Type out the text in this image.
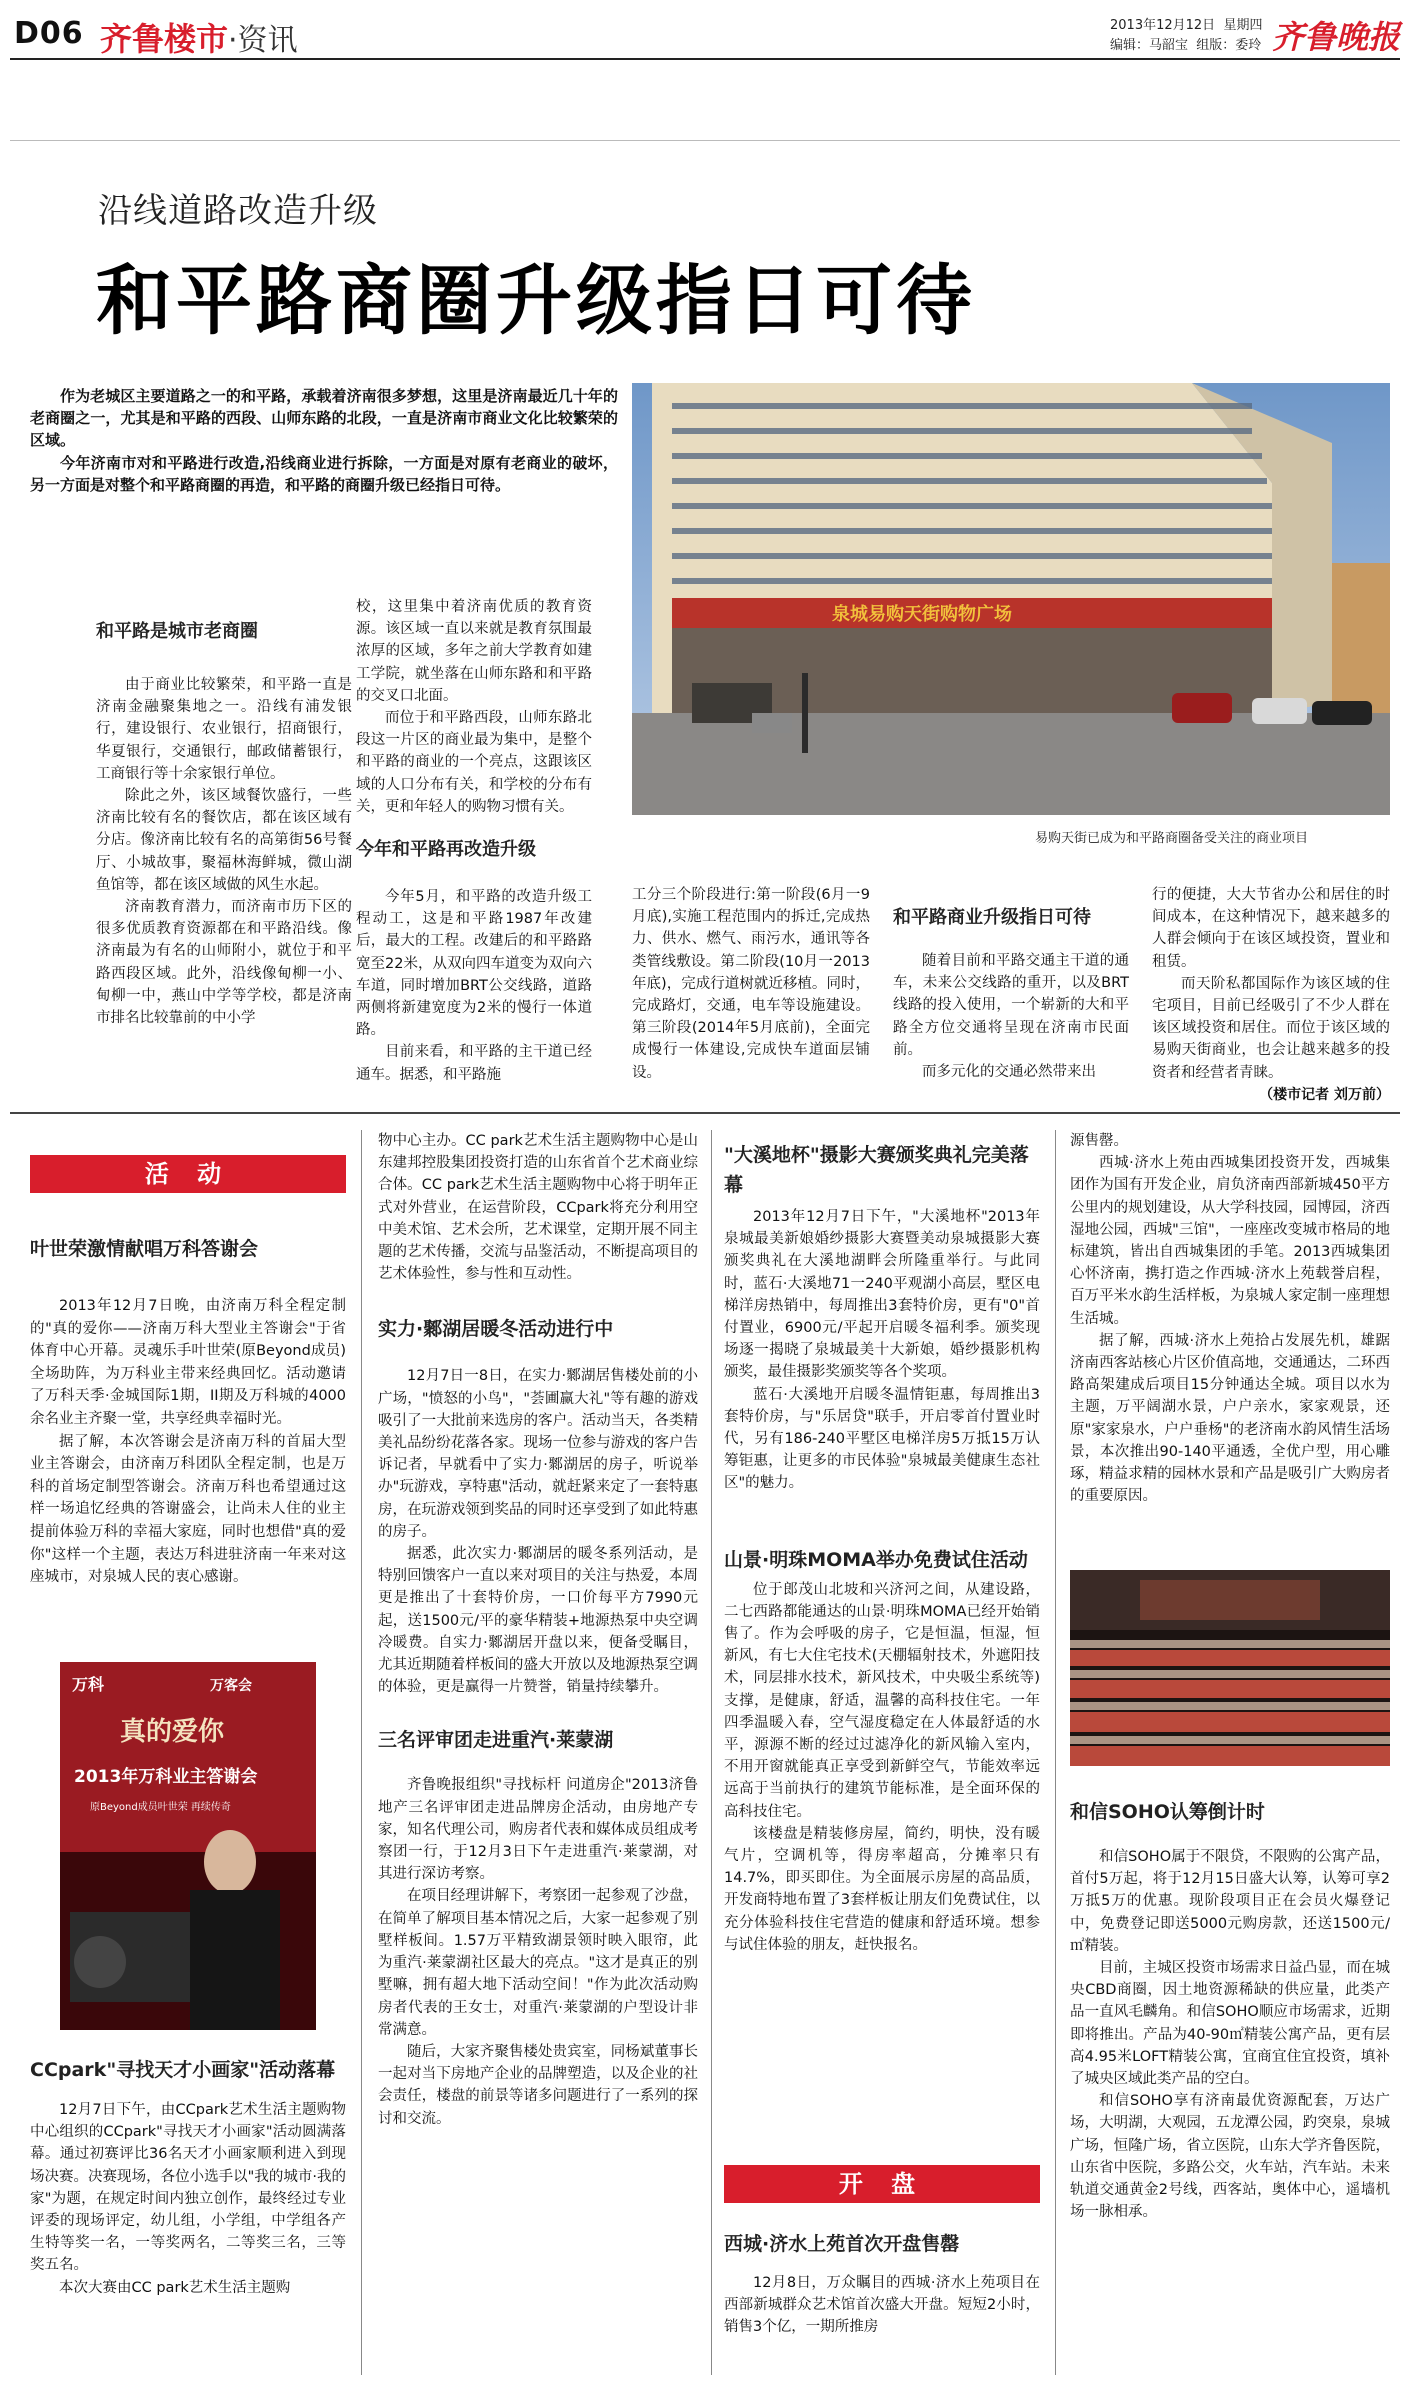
D06 齐鲁楼市·资讯	2013年12月12日 星期四
编辑：马韶宝 组版：委玲 齐鲁晚报
沿线道路改造升级
和平路商圈升级指日可待

作为老城区主要道路之一的和平路，承载着济南很多梦想，这里是济南最近几十年的老商圈之一，尤其是和平路的西段、山师东路的北段，一直是济南市商业文化比较繁荣的区域。

今年济南市对和平路进行改造,沿线商业进行拆除，一方面是对原有老商业的破坏，另一方面是对整个和平路商圈的再造，和平路的商圈升级已经指日可待。

泉城易购天街购物广场
易购天街已成为和平路商圈备受关注的商业项目
和平路是城市老商圈

由于商业比较繁荣，和平路一直是济南金融聚集地之一。沿线有浦发银行，建设银行、农业银行，招商银行，华夏银行，交通银行，邮政储蓄银行，工商银行等十余家银行单位。

除此之外，该区域餐饮盛行，一些济南比较有名的餐饮店，都在该区域有分店。像济南比较有名的高第街56号餐厅、小城故事，聚福林海鲜城，微山湖鱼馆等，都在该区域做的风生水起。

济南教育潜力，而济南市历下区的很多优质教育资源都在和平路沿线。像济南最为有名的山师附小，就位于和平路西段区域。此外，沿线像甸柳一小、甸柳一中，燕山中学等学校，都是济南市排名比较靠前的中小学

校，这里集中着济南优质的教育资源。该区域一直以来就是教育氛围最浓厚的区域，多年之前大学教育如建工学院，就坐落在山师东路和和平路的交叉口北面。

而位于和平路西段，山师东路北段这一片区的商业最为集中，是整个和平路的商业的一个亮点，这跟该区域的人口分布有关，和学校的分布有关，更和年轻人的购物习惯有关。

今年和平路再改造升级

今年5月，和平路的改造升级工程动工，这是和平路1987年改建后，最大的工程。改建后的和平路路宽至22米，从双向四车道变为双向六车道，同时增加BRT公交线路，道路两侧将新建宽度为2米的慢行一体道路。

目前来看，和平路的主干道已经通车。据悉，和平路施

工分三个阶段进行:第一阶段(6月一9月底),实施工程范围内的拆迁,完成热力、供水、燃气、雨污水，通讯等各类管线敷设。第二阶段(10月一2013年底)，完成行道树就近移植。同时，完成路灯，交通，电车等设施建设。第三阶段(2014年5月底前)，全面完成慢行一体建设,完成快车道面层铺设。

和平路商业升级指日可待

随着目前和平路交通主干道的通车，未来公交线路的重开，以及BRT线路的投入使用，一个崭新的大和平路全方位交通将呈现在济南市民面前。

而多元化的交通必然带来出

行的便捷，大大节省办公和居住的时间成本，在这种情况下，越来越多的人群会倾向于在该区域投资，置业和租赁。

而天阶私都国际作为该区域的住宅项目，目前已经吸引了不少人群在该区域投资和居住。而位于该区域的易购天街商业，也会让越来越多的投资者和经营者青睐。

（楼市记者 刘万前）
活 动
叶世荣激情献唱万科答谢会

2013年12月7日晚，由济南万科全程定制的"真的爱你——济南万科大型业主答谢会"于省体育中心开幕。灵魂乐手叶世荣(原Beyond成员)全场助阵，为万科业主带来经典回忆。活动邀请了万科天季·金城国际1期，II期及万科城的4000余名业主齐聚一堂，共享经典幸福时光。

据了解，本次答谢会是济南万科的首届大型业主答谢会，由济南万科团队全程定制，也是万科的首场定制型答谢会。济南万科也希望通过这样一场追忆经典的答谢盛会，让尚未人住的业主提前体验万科的幸福大家庭，同时也想借"真的爱你"这样一个主题，表达万科进驻济南一年来对这座城市，对泉城人民的衷心感谢。

万科	万客会
真的爱你
2013年万科业主答谢会
原Beyond成员叶世荣 再续传奇
CCpark"寻找天才小画家"活动落幕

12月7日下午，由CCpark艺术生活主题购物中心组织的CCpark"寻找天才小画家"活动圆满落幕。通过初赛评比36名天才小画家顺利进入到现场决赛。决赛现场，各位小选手以"我的城市·我的家"为题，在规定时间内独立创作，最终经过专业评委的现场评定，幼儿组，小学组，中学组各产生特等奖一名，一等奖两名，二等奖三名，三等奖五名。

本次大赛由CC park艺术生活主题购

物中心主办。CC park艺术生活主题购物中心是山东建邦控股集团投资打造的山东省首个艺术商业综合体。CC park艺术生活主题购物中心将于明年正式对外营业，在运营阶段，CCpark将充分利用空中美术馆、艺术会所，艺术课堂，定期开展不同主题的艺术传播，交流与品鉴活动，不断提高项目的艺术体验性，参与性和互动性。

实力·鄹湖居暖冬活动进行中

12月7日一8日，在实力·鄹湖居售楼处前的小广场，"愤怒的小鸟"，"荟圃赢大礼"等有趣的游戏吸引了一大批前来选房的客户。活动当天，各类精美礼品纷纷花落各家。现场一位参与游戏的客户告诉记者，早就看中了实力·鄹湖居的房子，听说举办"玩游戏，享特惠"活动，就赶紧来定了一套特惠房，在玩游戏领到奖品的同时还享受到了如此特惠的房子。

据悉，此次实力·鄹湖居的暖冬系列活动，是特别回馈客户一直以来对项目的关注与热爱，本周更是推出了十套特价房，一口价每平方7990元起，送1500元/平的豪华精装+地源热泵中央空调冷暖费。自实力·鄹湖居开盘以来，便备受瞩目，尤其近期随着样板间的盛大开放以及地源热泵空调的体验，更是赢得一片赞誉，销量持续攀升。

三名评审团走进重汽·莱蒙湖

齐鲁晚报组织"寻找标杆 问道房企"2013济鲁地产三名评审团走进品牌房企活动，由房地产专家，知名代理公司，购房者代表和媒体成员组成考察团一行，于12月3日下午走进重汽·莱蒙湖，对其进行深访考察。

在项目经理讲解下，考察团一起参观了沙盘，在简单了解项目基本情况之后，大家一起参观了别墅样板间。1.57万平精致湖景领时映入眼帘，此为重汽·莱蒙湖社区最大的亮点。"这才是真正的别墅嘛，拥有超大地下活动空间！"作为此次活动购房者代表的王女士，对重汽·莱蒙湖的户型设计非常满意。

随后，大家齐聚售楼处贵宾室，同杨斌董事长一起对当下房地产企业的品牌塑造，以及企业的社会责任，楼盘的前景等诸多问题进行了一系列的探讨和交流。

"大溪地杯"摄影大赛颁奖典礼完美落幕

2013年12月7日下午，"大溪地杯"2013年泉城最美新娘婚纱摄影大赛暨美动泉城摄影大赛颁奖典礼在大溪地湖畔会所隆重举行。与此同时，蓝石·大溪地71一240平观湖小高层，墅区电梯洋房热销中，每周推出3套特价房，更有"0"首付置业，6900元/平起开启暖冬福利季。颁奖现场逐一揭晓了泉城最美十大新娘，婚纱摄影机构颁奖，最佳摄影奖颁奖等各个奖项。

蓝石·大溪地开启暖冬温情钜惠，每周推出3套特价房，与"乐居贷"联手，开启零首付置业时代，另有186-240平墅区电梯洋房5万抵15万认筹钜惠，让更多的市民体验"泉城最美健康生态社区"的魅力。

山景·明珠MOMA举办免费试住活动

位于郎茂山北坡和兴济河之间，从建设路，二七西路都能通达的山景·明珠MOMA已经开始销售了。作为会呼吸的房子，它是恒温，恒湿，恒新风，有七大住宅技术(天棚辐射技术，外遮阳技术，同层排水技术，新风技术，中央吸尘系统等)支撑，是健康，舒适，温馨的高科技住宅。一年四季温暖入春，空气湿度稳定在人体最舒适的水平，源源不断的经过过滤净化的新风输入室内，不用开窗就能真正享受到新鲜空气，节能效率远远高于当前执行的建筑节能标准，是全面环保的高科技住宅。

该楼盘是精装修房屋，简约，明快，没有暖气片，空调机等，得房率超高，分摊率只有14.7%，即买即住。为全面展示房屋的高品质，开发商特地布置了3套样板让朋友们免费试住，以充分体验科技住宅营造的健康和舒适环境。想参与试住体验的朋友，赶快报名。

开 盘
西城·济水上苑首次开盘售罄

12月8日，万众瞩目的西城·济水上苑项目在西部新城群众艺术馆首次盛大开盘。短短2小时，销售3个亿，一期所推房

源售罄。

西城·济水上苑由西城集团投资开发，西城集团作为国有开发企业，肩负济南西部新城450平方公里内的规划建设，从大学科技园，园博园，济西湿地公园，西城"三馆"，一座座改变城市格局的地标建筑，皆出自西城集团的手笔。2013西城集团心怀济南，携打造之作西城·济水上苑载誉启程，百万平米水韵生活样板，为泉城人家定制一座理想生活城。

据了解，西城·济水上苑拾占发展先机，雄踞济南西客站核心片区价值高地，交通通达，二环西路高架建成后项目15分钟通达全城。项目以水为主题，万平阔湖水景，户户亲水，家家观景，还原"家家泉水，户户垂杨"的老济南水韵风情生活场景，本次推出90-140平通透，全优户型，用心雕琢，精益求精的园林水景和产品是吸引广大购房者的重要原因。

和信SOHO认筹倒计时

和信SOHO属于不限贷，不限购的公寓产品，首付5万起，将于12月15日盛大认筹，认筹可享2万抵5万的优惠。现阶段项目正在会员火爆登记中，免费登记即送5000元购房款，还送1500元/㎡精装。

目前，主城区投资市场需求日益凸显，而在城央CBD商圈，因土地资源稀缺的供应量，此类产品一直风毛麟角。和信SOHO顺应市场需求，近期即将推出。产品为40-90㎡精装公寓产品，更有层高4.95米LOFT精装公寓，宜商宜住宜投资，填补了城央区域此类产品的空白。

和信SOHO享有济南最优资源配套，万达广场，大明湖，大观园，五龙潭公园，趵突泉，泉城广场，恒隆广场，省立医院，山东大学齐鲁医院，山东省中医院，多路公交，火车站，汽车站。未来轨道交通黄金2号线，西客站，奥体中心，遥墙机场一脉相承。
